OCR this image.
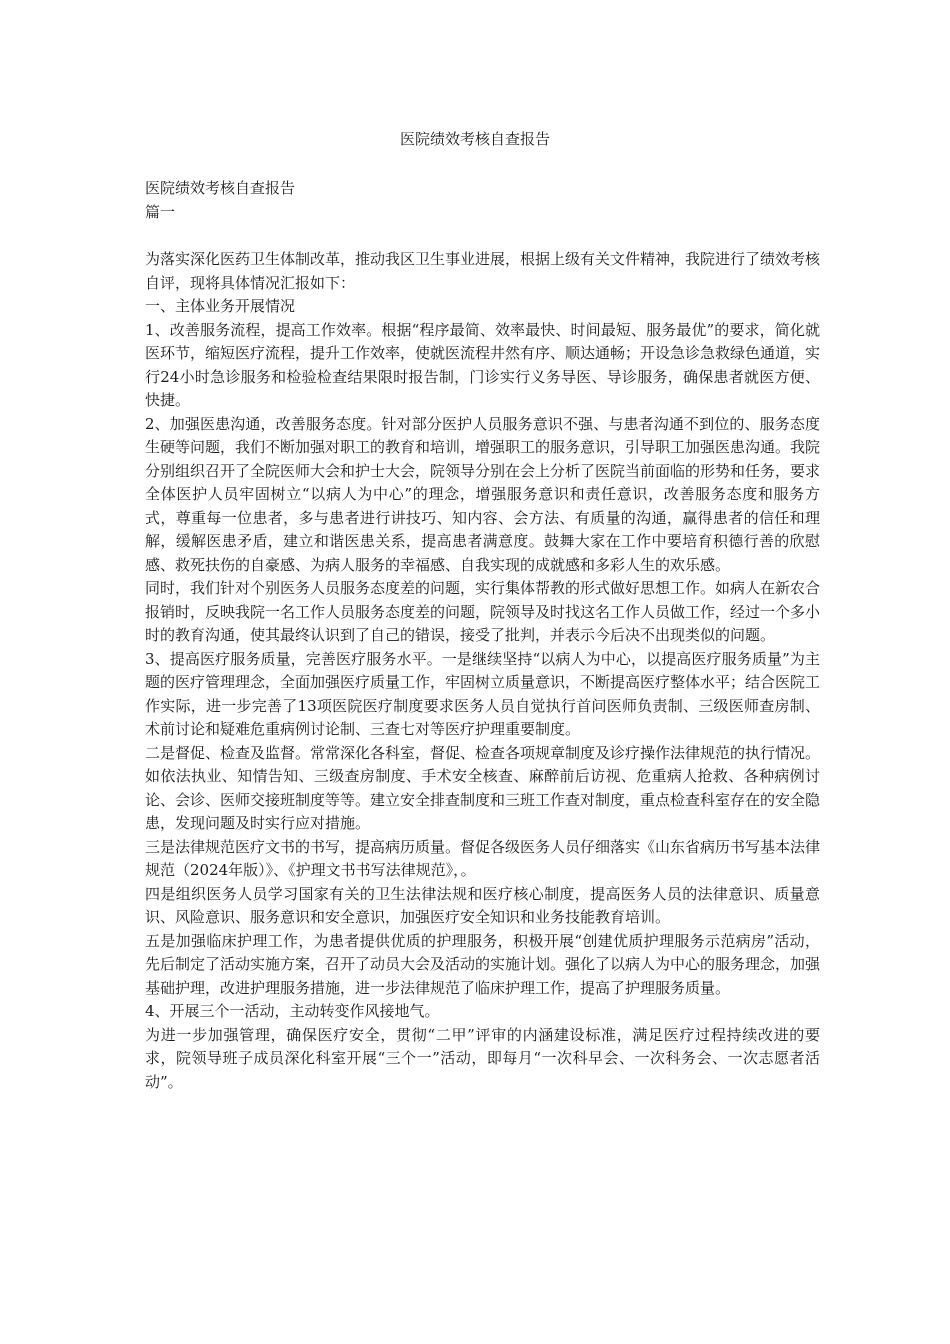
医院绩效考核自查报告
医院绩效考核自查报告
篇一

为落实深化医药卫生体制改革，推动我区卫生事业进展，根据上级有关文件精神，我院进行了绩效考核自评，现将具体情况汇报如下：

一、主体业务开展情况

1、改善服务流程，提高工作效率。根据“程序最简、效率最快、时间最短、服务最优”的要求，简化就医环节，缩短医疗流程，提升工作效率，使就医流程井然有序、顺达通畅；开设急诊急救绿色通道，实行24小时急诊服务和检验检查结果限时报告制，门诊实行义务导医、导诊服务，确保患者就医方便、快捷。

2、加强医患沟通，改善服务态度。针对部分医护人员服务意识不强、与患者沟通不到位的、服务态度生硬等问题，我们不断加强对职工的教育和培训，增强职工的服务意识，引导职工加强医患沟通。我院分别组织召开了全院医师大会和护士大会，院领导分别在会上分析了医院当前面临的形势和任务，要求全体医护人员牢固树立“以病人为中心”的理念，增强服务意识和责任意识，改善服务态度和服务方式，尊重每一位患者，多与患者进行讲技巧、知内容、会方法、有质量的沟通，赢得患者的信任和理解，缓解医患矛盾，建立和谐医患关系，提高患者满意度。鼓舞大家在工作中要培育积德行善的欣慰感、救死扶伤的自豪感、为病人服务的幸福感、自我实现的成就感和多彩人生的欢乐感。

同时，我们针对个别医务人员服务态度差的问题，实行集体帮教的形式做好思想工作。如病人在新农合报销时，反映我院一名工作人员服务态度差的问题，院领导及时找这名工作人员做工作，经过一个多小时的教育沟通，使其最终认识到了自己的错误，接受了批判，并表示今后决不出现类似的问题。

3、提高医疗服务质量，完善医疗服务水平。一是继续坚持“以病人为中心，以提高医疗服务质量”为主题的医疗管理理念，全面加强医疗质量工作，牢固树立质量意识，不断提高医疗整体水平；结合医院工作实际，进一步完善了13项医院医疗制度要求医务人员自觉执行首问医师负责制、三级医师查房制、术前讨论和疑难危重病例讨论制、三查七对等医疗护理重要制度。

二是督促、检查及监督。常常深化各科室，督促、检查各项规章制度及诊疗操作法律规范的执行情况。如依法执业、知情告知、三级查房制度、手术安全核查、麻醉前后访视、危重病人抢救、各种病例讨论、会诊、医师交接班制度等等。建立安全排查制度和三班工作查对制度，重点检查科室存在的安全隐患，发现问题及时实行应对措施。

三是法律规范医疗文书的书写，提高病历质量。督促各级医务人员仔细落实《山东省病历书写基本法律规范（2024年版）》、《护理文书书写法律规范》，。

四是组织医务人员学习国家有关的卫生法律法规和医疗核心制度，提高医务人员的法律意识、质量意识、风险意识、服务意识和安全意识，加强医疗安全知识和业务技能教育培训。

五是加强临床护理工作，为患者提供优质的护理服务，积极开展“创建优质护理服务示范病房”活动，先后制定了活动实施方案，召开了动员大会及活动的实施计划。强化了以病人为中心的服务理念，加强基础护理，改进护理服务措施，进一步法律规范了临床护理工作，提高了护理服务质量。

4、开展三个一活动，主动转变作风接地气。

为进一步加强管理，确保医疗安全，贯彻“二甲”评审的内涵建设标准，满足医疗过程持续改进的要求，院领导班子成员深化科室开展“三个一”活动，即每月“一次科早会、一次科务会、一次志愿者活动”。
